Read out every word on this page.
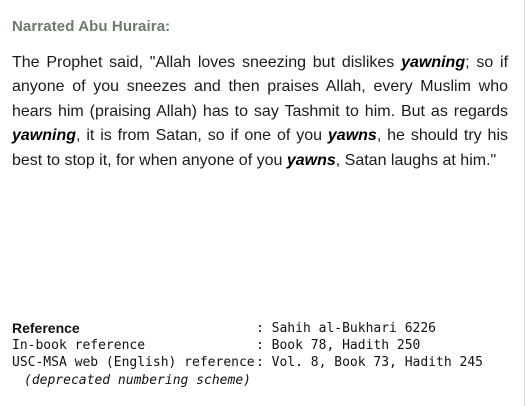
Narrated Abu Huraira:
The Prophet said, "Allah loves sneezing but dislikes yawning; so if anyone of you sneezes and then praises Allah, every Muslim who hears him (praising Allah) has to say Tashmit to him. But as regards yawning, it is from Satan, so if one of you yawns, he should try his best to stop it, for when anyone of you yawns, Satan laughs at him."
Reference	: Sahih al-Bukhari 6226
In-book reference	: Book 78, Hadith 250
USC-MSA web (English) reference	: Vol. 8, Book 73, Hadith 245
(deprecated numbering scheme)	
